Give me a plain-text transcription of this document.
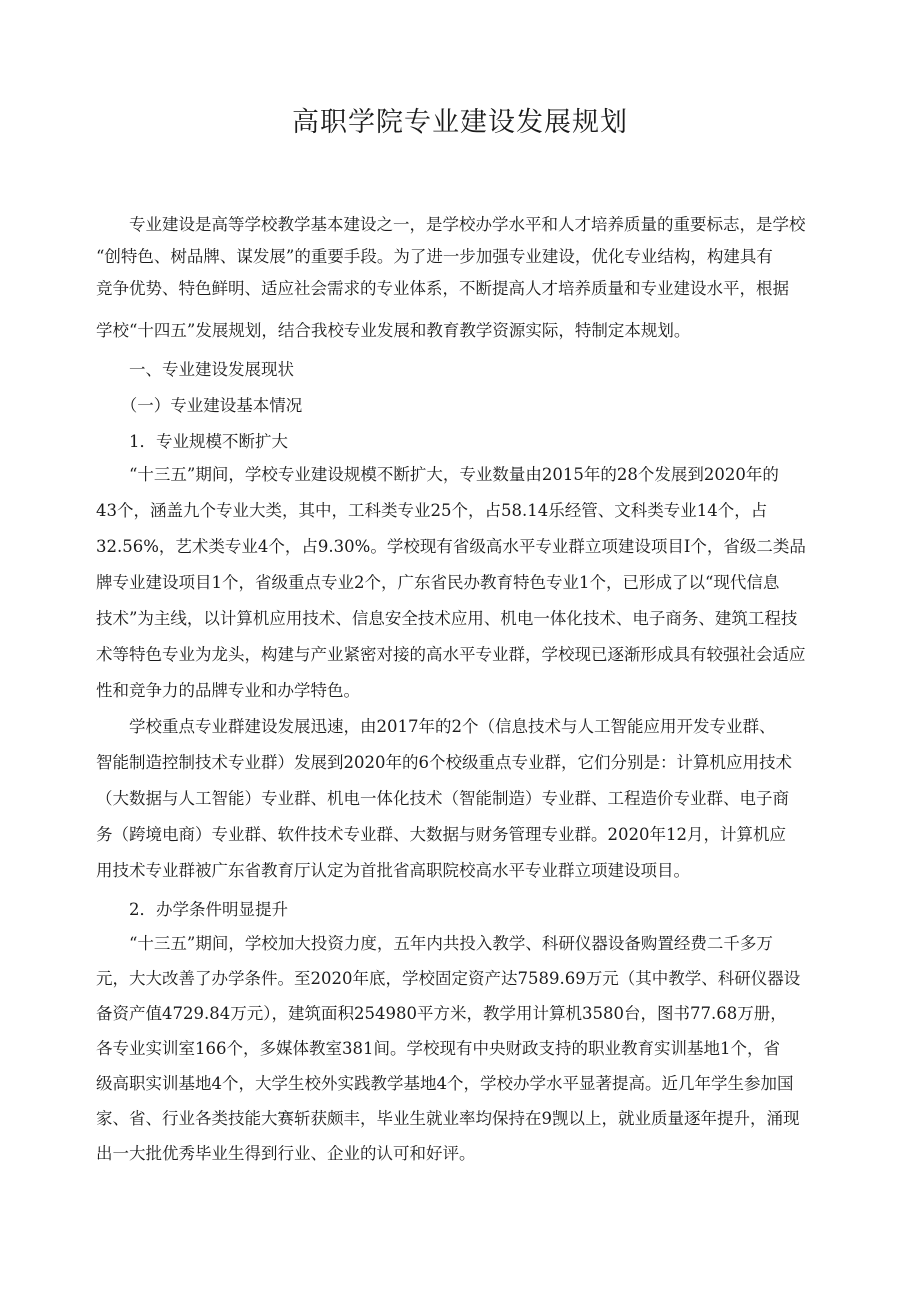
高职学院专业建设发展规划
　　专业建设是高等学校教学基本建设之一，是学校办学水平和人才培养质量的重要标志，是学校
“创特色、树品牌、谋发展”的重要手段。为了进一步加强专业建设，优化专业结构，构建具有
竞争优势、特色鲜明、适应社会需求的专业体系，不断提高人才培养质量和专业建设水平，根据
学校“十四五”发展规划，结合我校专业发展和教育教学资源实际，特制定本规划。
　　一、专业建设发展现状
　　（一）专业建设基本情况
　　1．专业规模不断扩大
　　“十三五”期间，学校专业建设规模不断扩大，专业数量由2015年的28个发展到2020年的
43个，涵盖九个专业大类，其中，工科类专业25个，占58.14乐经管、文科类专业14个，占
32.56%，艺术类专业4个，占9.30%。学校现有省级高水平专业群立项建设项目Ⅰ个，省级二类品
牌专业建设项目1个，省级重点专业2个，广东省民办教育特色专业1个，已形成了以“现代信息
技术”为主线，以计算机应用技术、信息安全技术应用、机电一体化技术、电子商务、建筑工程技
术等特色专业为龙头，构建与产业紧密对接的高水平专业群，学校现已逐渐形成具有较强社会适应
性和竞争力的品牌专业和办学特色。
　　学校重点专业群建设发展迅速，由2017年的2个（信息技术与人工智能应用开发专业群、
智能制造控制技术专业群）发展到2020年的6个校级重点专业群，它们分别是：计算机应用技术
（大数据与人工智能）专业群、机电一体化技术（智能制造）专业群、工程造价专业群、电子商
务（跨境电商）专业群、软件技术专业群、大数据与财务管理专业群。2020年12月，计算机应
用技术专业群被广东省教育厅认定为首批省高职院校高水平专业群立项建设项目。
　　2．办学条件明显提升
　　“十三五”期间，学校加大投资力度，五年内共投入教学、科研仪器设备购置经费二千多万
元，大大改善了办学条件。至2020年底，学校固定资产达7589.69万元（其中教学、科研仪器设
备资产值4729.84万元），建筑面积254980平方米，教学用计算机3580台，图书77.68万册，
各专业实训室166个，多媒体教室381间。学校现有中央财政支持的职业教育实训基地1个，省
级高职实训基地4个，大学生校外实践教学基地4个，学校办学水平显著提高。近几年学生参加国
家、省、行业各类技能大赛斩获颇丰，毕业生就业率均保持在9觊以上，就业质量逐年提升，涌现
出一大批优秀毕业生得到行业、企业的认可和好评。
